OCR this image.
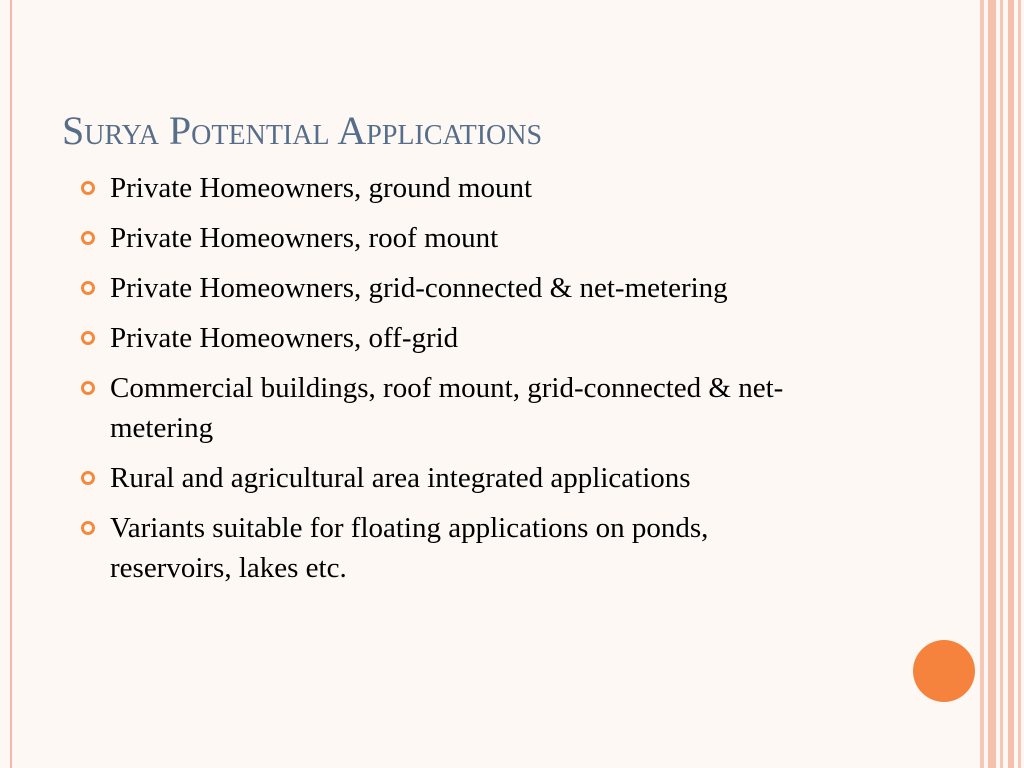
Surya Potential Applications
Private Homeowners, ground mount
Private Homeowners, roof mount
Private Homeowners, grid-connected & net-metering
Private Homeowners, off-grid
Commercial buildings, roof mount, grid-connected & net-metering
Rural and agricultural area integrated applications
Variants suitable for floating applications on ponds, reservoirs, lakes etc.
